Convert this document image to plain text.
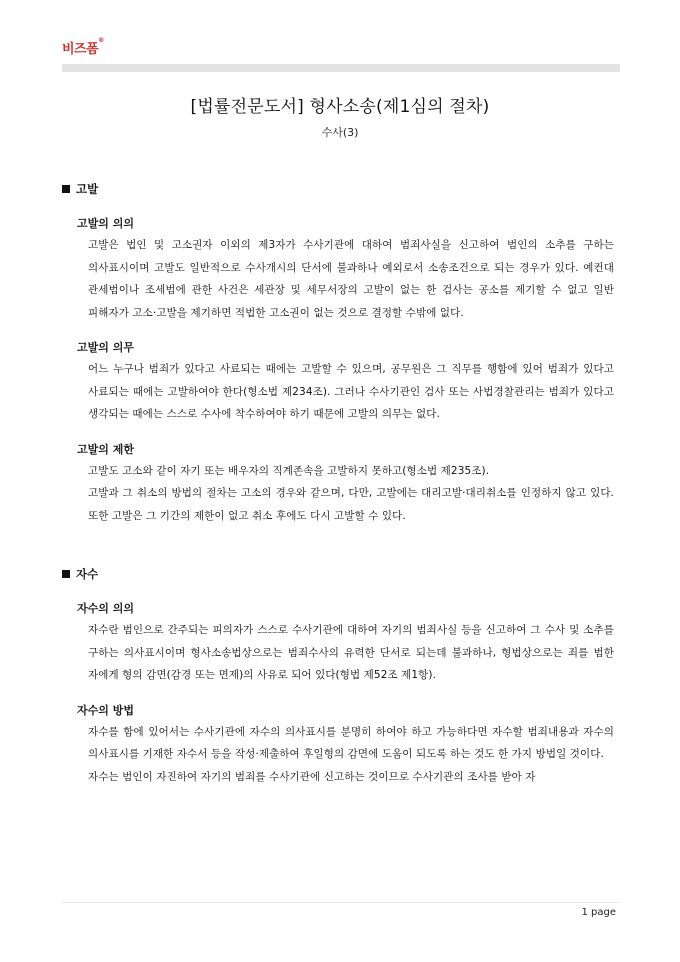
비즈폼®
[법률전문도서] 형사소송(제1심의 절차)
수사(3)
고발
고발의 의의
고발은 법인 및 고소권자 이외의 제3자가 수사기관에 대하여 범죄사실을 신고하여 범인의 소추를 구하는 의사표시이며 고발도 일반적으로 수사개시의 단서에 불과하나 예외로서 소송조건으로 되는 경우가 있다. 예컨대 관세범이나 조세범에 관한 사건은 세관장 및 세무서장의 고발이 없는 한 검사는 공소를 제기할 수 없고 일반 피해자가 고소·고발을 제기하면 적법한 고소권이 없는 것으로 결정할 수밖에 없다.
고발의 의무
어느 누구나 범죄가 있다고 사료되는 때에는 고발할 수 있으며, 공무원은 그 직무를 행함에 있어 범죄가 있다고 사료되는 때에는 고발하여야 한다(형소법 제234조). 그러나 수사기관인 검사 또는 사법경찰관리는 범죄가 있다고 생각되는 때에는 스스로 수사에 착수하여야 하기 때문에 고발의 의무는 없다.
고발의 제한
고발도 고소와 같이 자기 또는 배우자의 직계존속을 고발하지 못하고(형소법 제235조).
고발과 그 취소의 방법의 절차는 고소의 경우와 같으며, 다만, 고발에는 대리고발·대리취소를 인정하지 않고 있다. 또한 고발은 그 기간의 제한이 없고 취소 후에도 다시 고발할 수 있다.
자수
자수의 의의
자수란 범인으로 간주되는 피의자가 스스로 수사기관에 대하여 자기의 범죄사실 등을 신고하여 그 수사 및 소추를 구하는 의사표시이며 형사소송법상으로는 범죄수사의 유력한 단서로 되는데 불과하나, 형법상으로는 죄를 범한 자에게 형의 감면(감경 또는 면제)의 사유로 되어 있다(형법 제52조 제1항).
자수의 방법
자수를 함에 있어서는 수사기관에 자수의 의사표시를 분명히 하여야 하고 가능하다면 자수할 범죄내용과 자수의 의사표시를 기재한 자수서 등을 작성·제출하여 후일형의 감면에 도움이 되도록 하는 것도 한 가지 방법일 것이다.
자수는 범인이 자진하여 자기의 범죄를 수사기관에 신고하는 것이므로 수사기관의 조사를 받아 자
1 page
